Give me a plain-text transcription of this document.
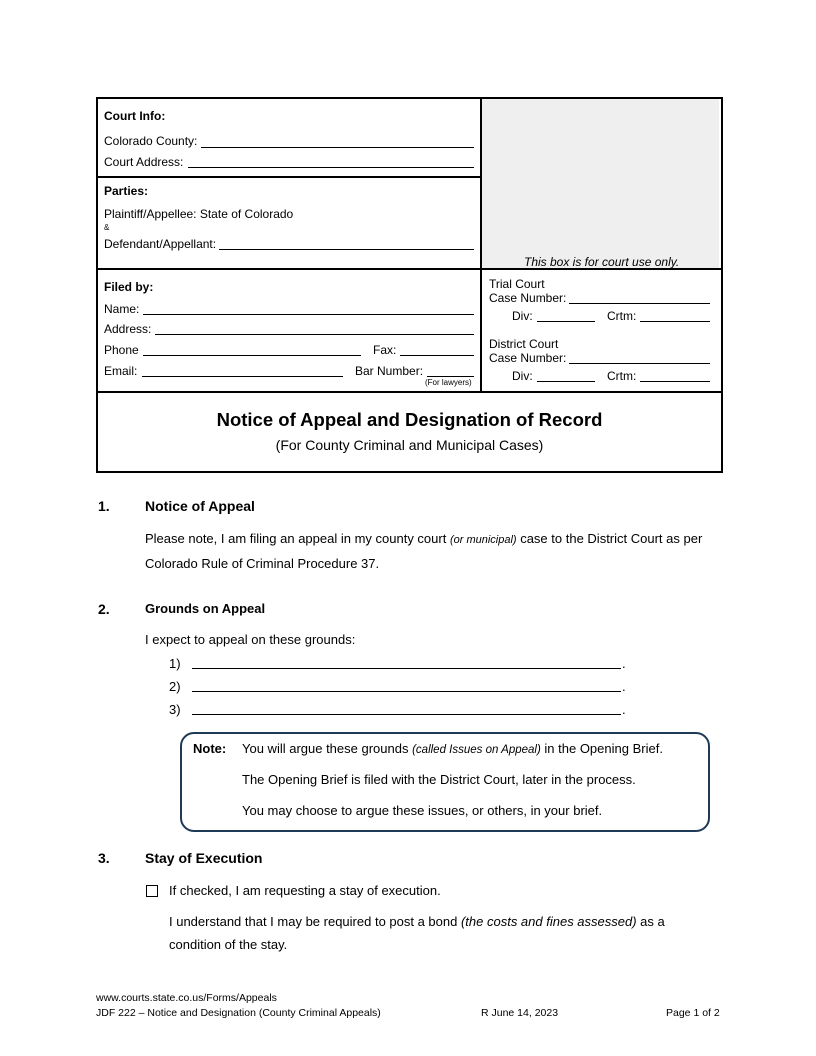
Court Info:
Colorado County:
Court Address:
Parties:
Plaintiff/Appellee: State of Colorado
&
Defendant/Appellant:
This box is for court use only.
Filed by:
Name:
Address:
Phone	Fax:
Email:	Bar Number:
(For lawyers)
Trial Court
Case Number:
Div:	Crtm:
District Court
Case Number:
Div:	Crtm:
Notice of Appeal and Designation of Record
(For County Criminal and Municipal Cases)
1.	Notice of Appeal
Please note, I am filing an appeal in my county court (or municipal) case to the District Court as per
Colorado Rule of Criminal Procedure 37.
2.	Grounds on Appeal
I expect to appeal on these grounds:
1)	.
2)	.
3)	.
Note: You will argue these grounds (called Issues on Appeal) in the Opening Brief.
The Opening Brief is filed with the District Court, later in the process.
You may choose to argue these issues, or others, in your brief.
3.	Stay of Execution
If checked, I am requesting a stay of execution.
I understand that I may be required to post a bond (the costs and fines assessed) as a
condition of the stay.
www.courts.state.co.us/Forms/Appeals
JDF 222 – Notice and Designation (County Criminal Appeals)	R June 14, 2023	Page 1 of 2
